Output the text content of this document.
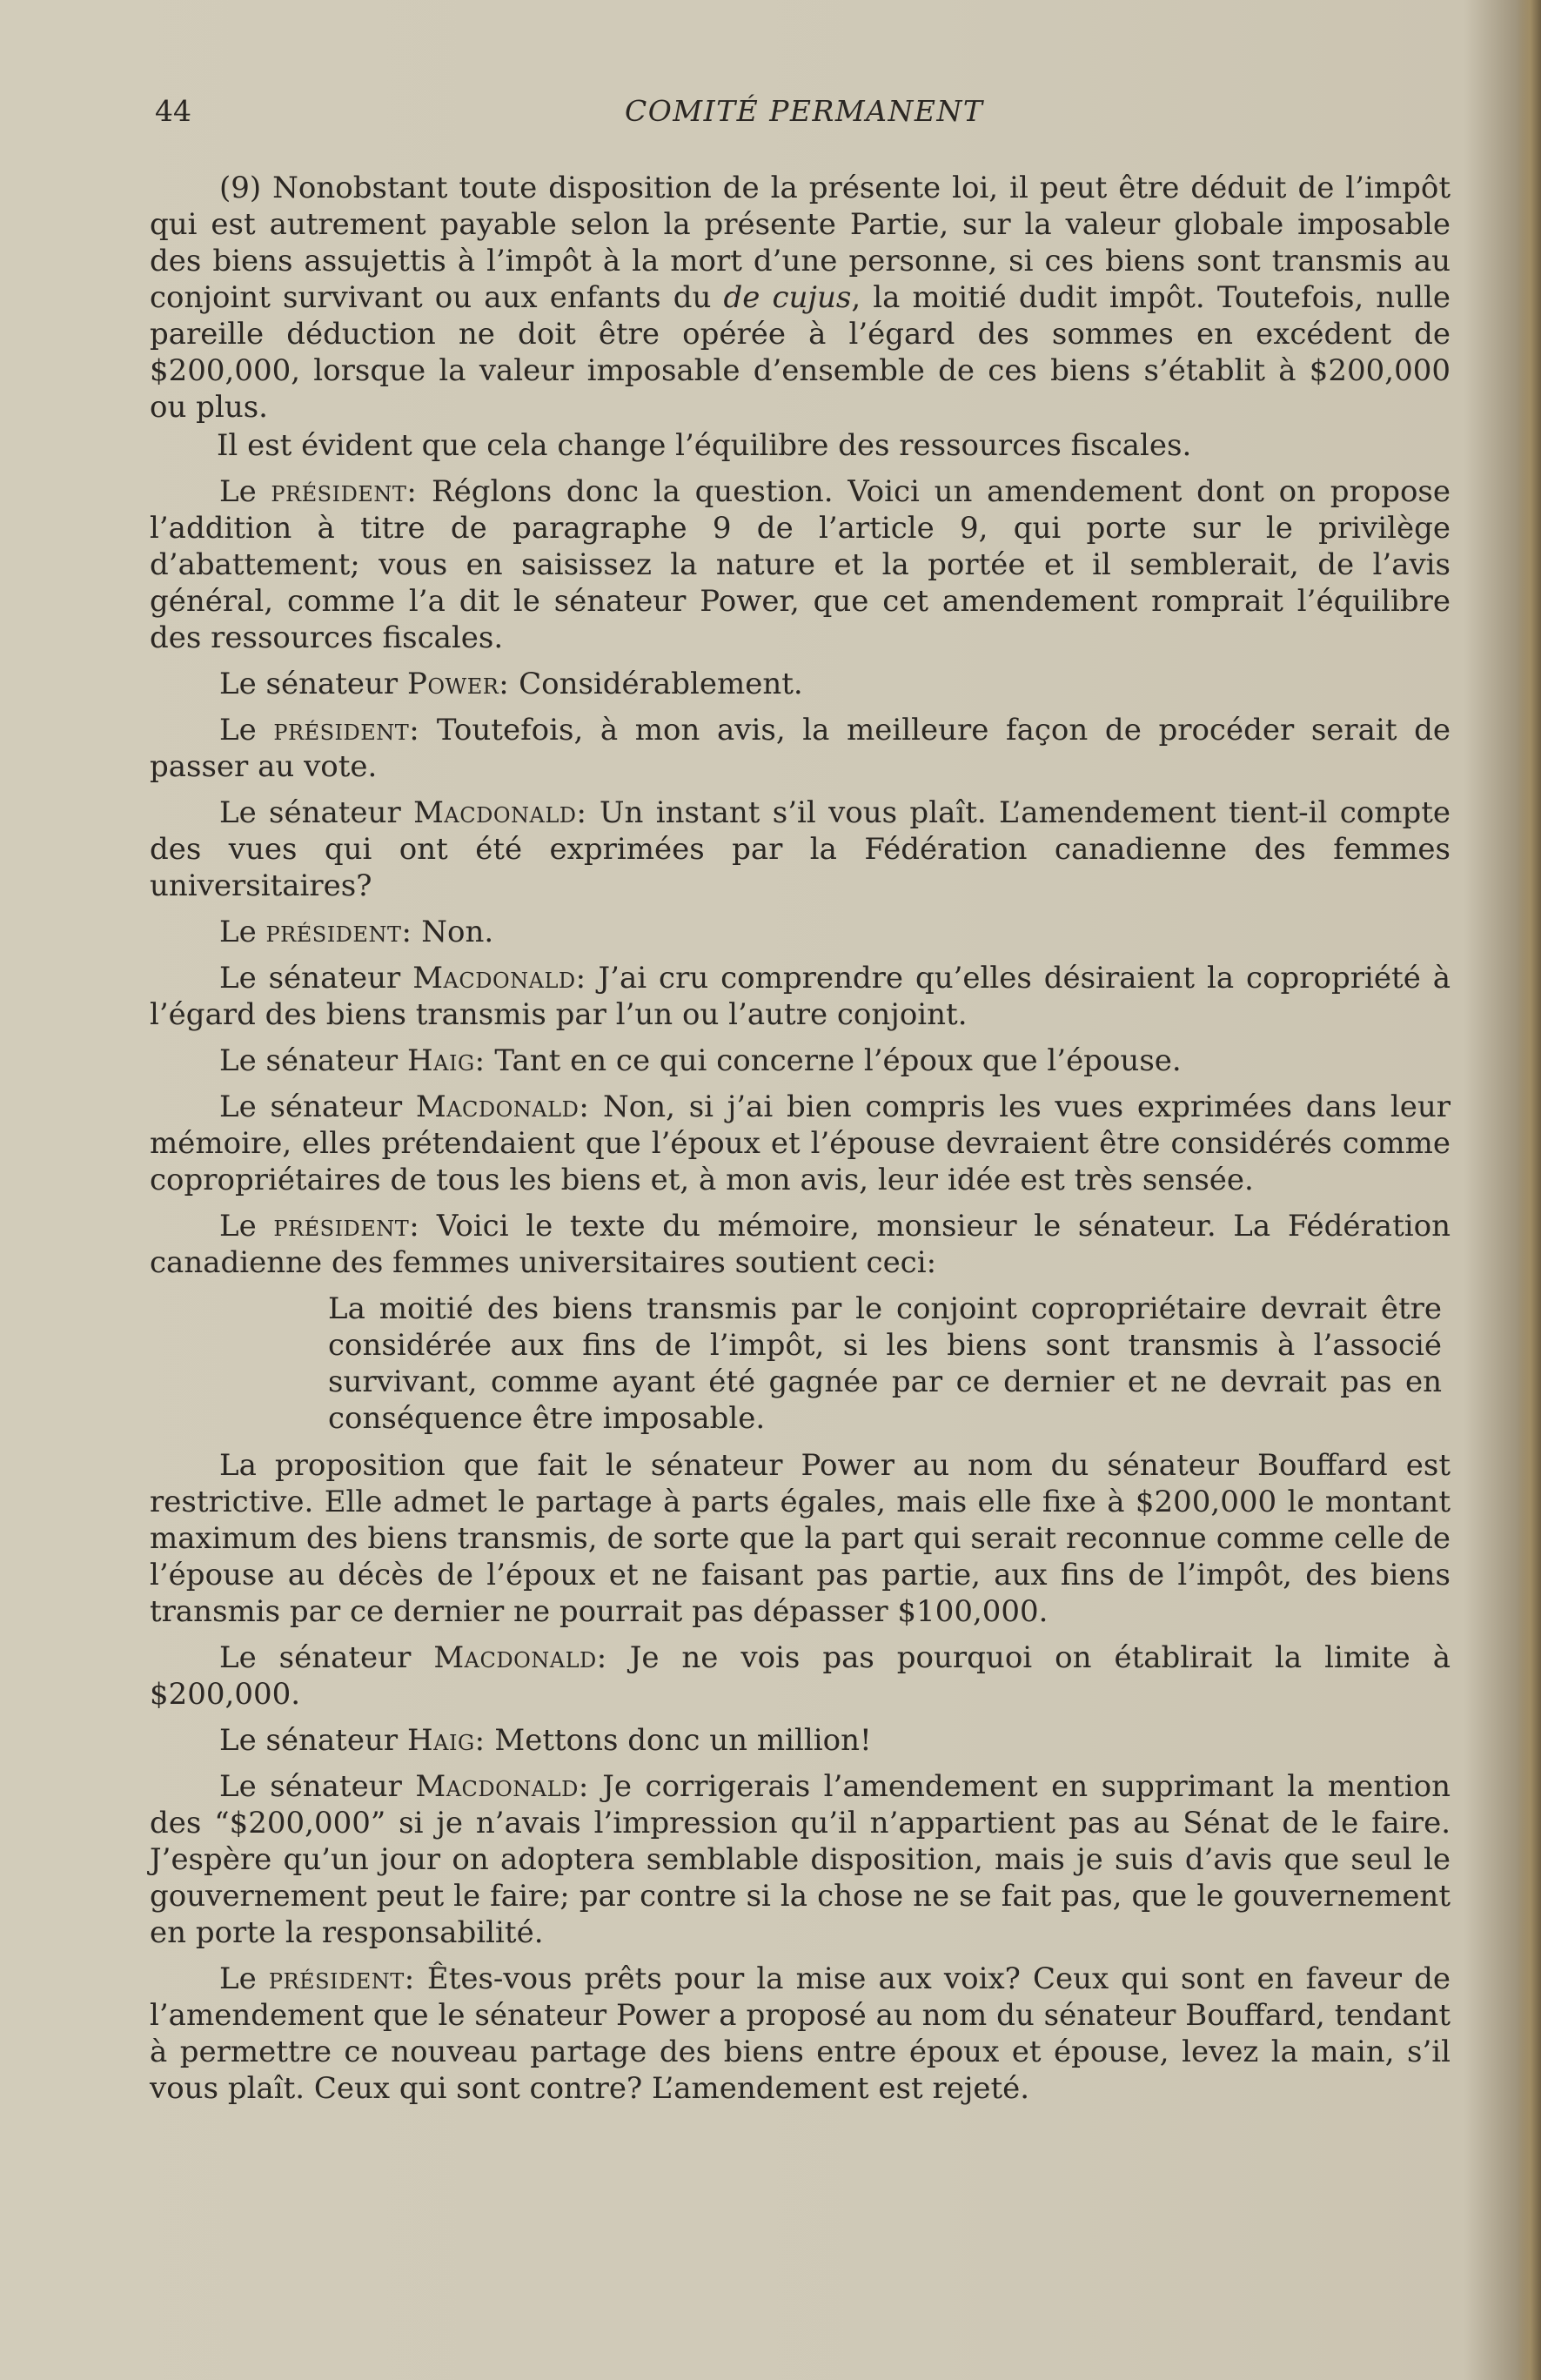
44	COMITÉ PERMANENT

(9) Nonobstant toute disposition de la présente loi, il peut être déduit de l’impôt qui est autrement payable selon la présente Partie, sur la valeur globale imposable des biens assujettis à l’impôt à la mort d’une personne, si ces biens sont transmis au conjoint survivant ou aux enfants du de cujus, la moitié dudit impôt. Toutefois, nulle pareille déduction ne doit être opérée à l’égard des sommes en excédent de $200,000, lorsque la valeur imposable d’ensemble de ces biens s’établit à $200,000 ou plus.

Il est évident que cela change l’équilibre des ressources fiscales.

Le président: Réglons donc la question. Voici un amendement dont on propose l’addition à titre de paragraphe 9 de l’article 9, qui porte sur le privilège d’abattement; vous en saisissez la nature et la portée et il semblerait, de l’avis général, comme l’a dit le sénateur Power, que cet amendement romprait l’équilibre des ressources fiscales.

Le sénateur Power: Considérablement.

Le président: Toutefois, à mon avis, la meilleure façon de procéder serait de passer au vote.

Le sénateur Macdonald: Un instant s’il vous plaît. L’amendement tient-il compte des vues qui ont été exprimées par la Fédération canadienne des femmes universitaires?

Le président: Non.

Le sénateur Macdonald: J’ai cru comprendre qu’elles désiraient la copropriété à l’égard des biens transmis par l’un ou l’autre conjoint.

Le sénateur Haig: Tant en ce qui concerne l’époux que l’épouse.

Le sénateur Macdonald: Non, si j’ai bien compris les vues exprimées dans leur mémoire, elles prétendaient que l’époux et l’épouse devraient être considérés comme copropriétaires de tous les biens et, à mon avis, leur idée est très sensée.

Le président: Voici le texte du mémoire, monsieur le sénateur. La Fédération canadienne des femmes universitaires soutient ceci:

La moitié des biens transmis par le conjoint copropriétaire devrait être considérée aux fins de l’impôt, si les biens sont transmis à l’associé survivant, comme ayant été gagnée par ce dernier et ne devrait pas en conséquence être imposable.

La proposition que fait le sénateur Power au nom du sénateur Bouffard est restrictive. Elle admet le partage à parts égales, mais elle fixe à $200,000 le montant maximum des biens transmis, de sorte que la part qui serait reconnue comme celle de l’épouse au décès de l’époux et ne faisant pas partie, aux fins de l’impôt, des biens transmis par ce dernier ne pourrait pas dépasser $100,000.

Le sénateur Macdonald: Je ne vois pas pourquoi on établirait la limite à $200,000.

Le sénateur Haig: Mettons donc un million!

Le sénateur Macdonald: Je corrigerais l’amendement en supprimant la mention des “$200,000” si je n’avais l’impression qu’il n’appartient pas au Sénat de le faire. J’espère qu’un jour on adoptera semblable disposition, mais je suis d’avis que seul le gouvernement peut le faire; par contre si la chose ne se fait pas, que le gouvernement en porte la responsabilité.

Le président: Êtes-vous prêts pour la mise aux voix? Ceux qui sont en faveur de l’amendement que le sénateur Power a proposé au nom du sénateur Bouffard, tendant à permettre ce nouveau partage des biens entre époux et épouse, levez la main, s’il vous plaît. Ceux qui sont contre? L’amendement est rejeté.
